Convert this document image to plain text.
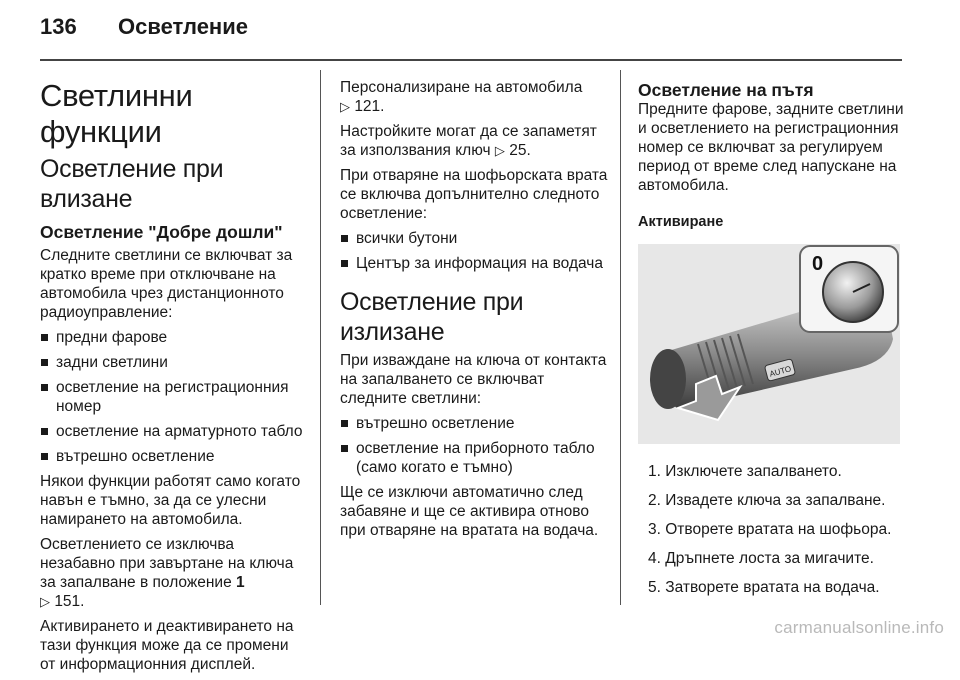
136 Осветление
Светлинни функции
Осветление при влизане
Осветление "Добре дошли"

Следните светлини се включват за кратко време при отключване на автомобила чрез дистанционното радиоуправление:

предни фарове
задни светлини
осветление на регистрационния номер
осветление на арматурното табло
вътрешно осветление

Някои функции работят само когато навън е тъмно, за да се улесни намирането на автомобила.

Осветлението се изключва незабавно при завъртане на ключа за запалване в положение 1
▷ 151.

Активирането и деактивирането на тази функция може да се промени от информационния дисплей.

Персонализиране на автомобила
▷ 121.

Настройките могат да се запаметят за използвания ключ ▷ 25.

При отваряне на шофьорската врата се включва допълнително следното осветление:

всички бутони
Център за информация на водача
Осветление при излизане

При изваждане на ключа от контакта на запалването се включват следните светлини:

вътрешно осветление
осветление на приборното табло (само когато е тъмно)

Ще се изключи автоматично след забавяне и ще се активира отново при отваряне на вратата на водача.

Осветление на пътя

Предните фарове, задните светлини и осветлението на регистрационния номер се включват за регулируем период от време след напускане на автомобила.

Активиране
AUTO
0
1. Изключете запалването.
2. Извадете ключа за запалване.
3. Отворете вратата на шофьора.
4. Дръпнете лоста за мигачите.
5. Затворете вратата на водача.
carmanualsonline.info
